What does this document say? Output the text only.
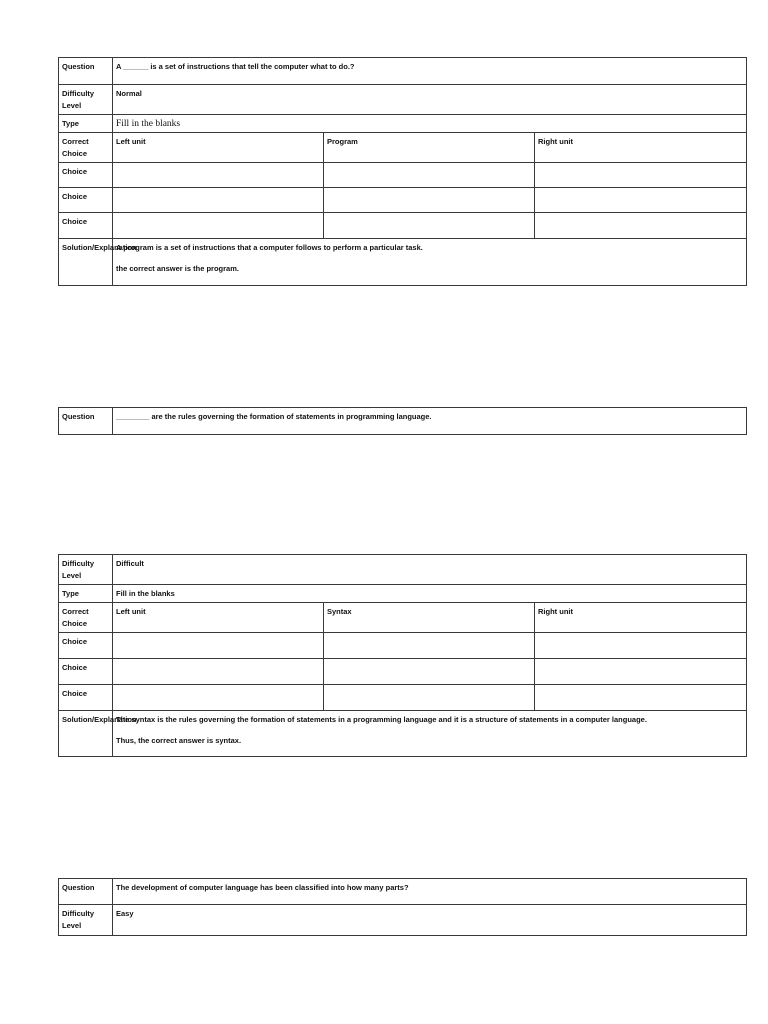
Question	A ______ is a set of instructions that tell the computer what to do.?		
Difficulty Level	Normal		
Type	Fill in the blanks		
Correct Choice	Left unit	Program	Right unit
Choice			
Choice			
Choice			
Solution/Explanation	A program is a set of instructions that a computer follows to perform a particular task.

the correct answer is the program.		

Question	________ are the rules governing the formation of statements in programming language.
Difficulty Level	Difficult		
Type	Fill in the blanks		
Correct Choice	Left unit	Syntax	Right unit
Choice			
Choice			
Choice			
Solution/Explanation	The syntax is the rules governing the formation of statements in a programming language and it is a structure of statements in a computer language.

Thus, the correct answer is syntax.		

Question	The development of computer language has been classified into how many parts?
Difficulty Level	Easy
